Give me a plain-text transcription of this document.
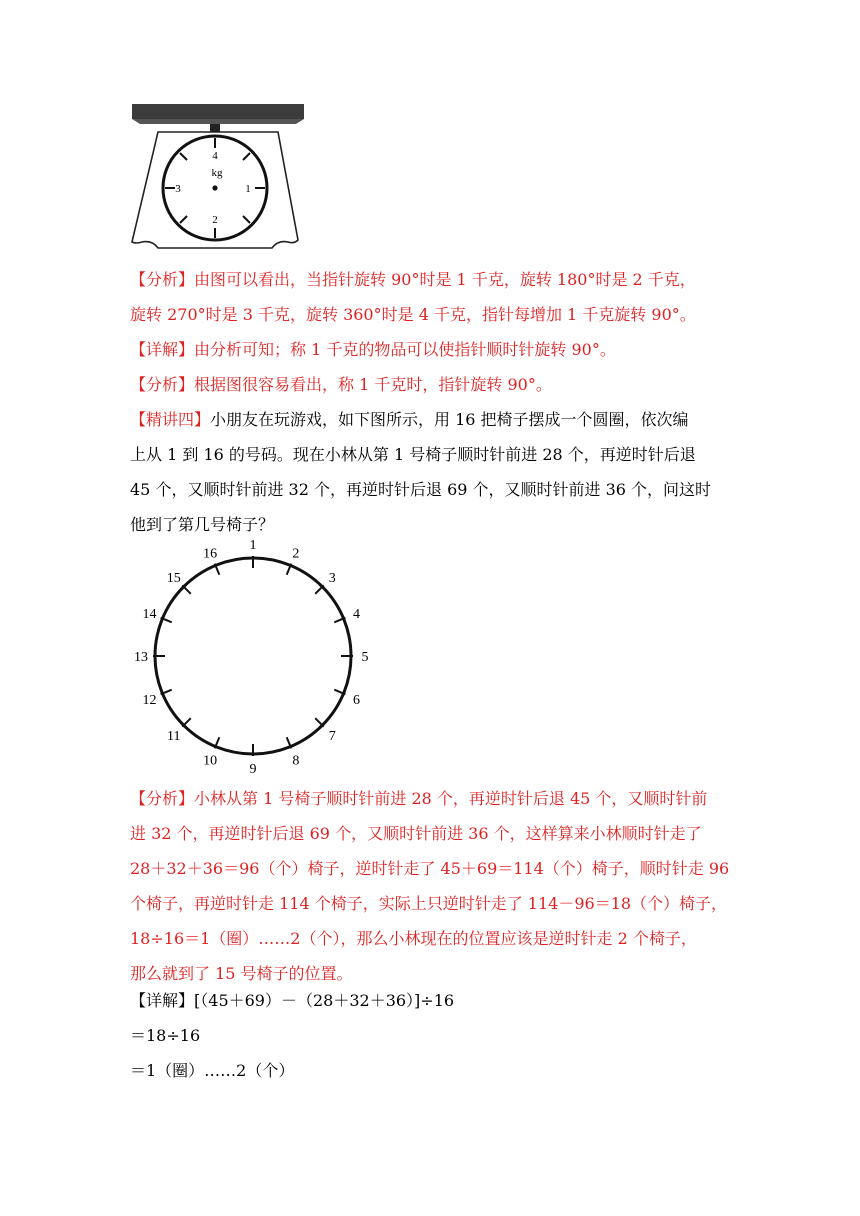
4
kg
1
2
3
【分析】由图可以看出，当指针旋转 90°时是 1 千克，旋转 180°时是 2 千克，
旋转 270°时是 3 千克，旋转 360°时是 4 千克，指针每增加 1 千克旋转 90°。
【详解】由分析可知；称 1 千克的物品可以使指针顺时针旋转 90°。
【分析】根据图很容易看出，称 1 千克时，指针旋转 90°。
【精讲四】小朋友在玩游戏，如下图所示，用 16 把椅子摆成一个圆圈，依次编
上从 1 到 16 的号码。现在小林从第 1 号椅子顺时针前进 28 个，再逆时针后退
45 个，又顺时针前进 32 个，再逆时针后退 69 个，又顺时针前进 36 个，问这时
他到了第几号椅子？
1
2
3
4
5
6
7
8
9
10
11
12
13
14
15
16
【分析】小林从第 1 号椅子顺时针前进 28 个，再逆时针后退 45 个，又顺时针前
进 32 个，再逆时针后退 69 个，又顺时针前进 36 个，这样算来小林顺时针走了
28＋32＋36＝96（个）椅子，逆时针走了 45＋69＝114（个）椅子，顺时针走 96
个椅子，再逆时针走 114 个椅子，实际上只逆时针走了 114－96＝18（个）椅子，
18÷16＝1（圈）……2（个），那么小林现在的位置应该是逆时针走 2 个椅子，
那么就到了 15 号椅子的位置。
【详解】[（45＋69）－（28＋32＋36）]÷16
＝18÷16
＝1（圈）……2（个）
